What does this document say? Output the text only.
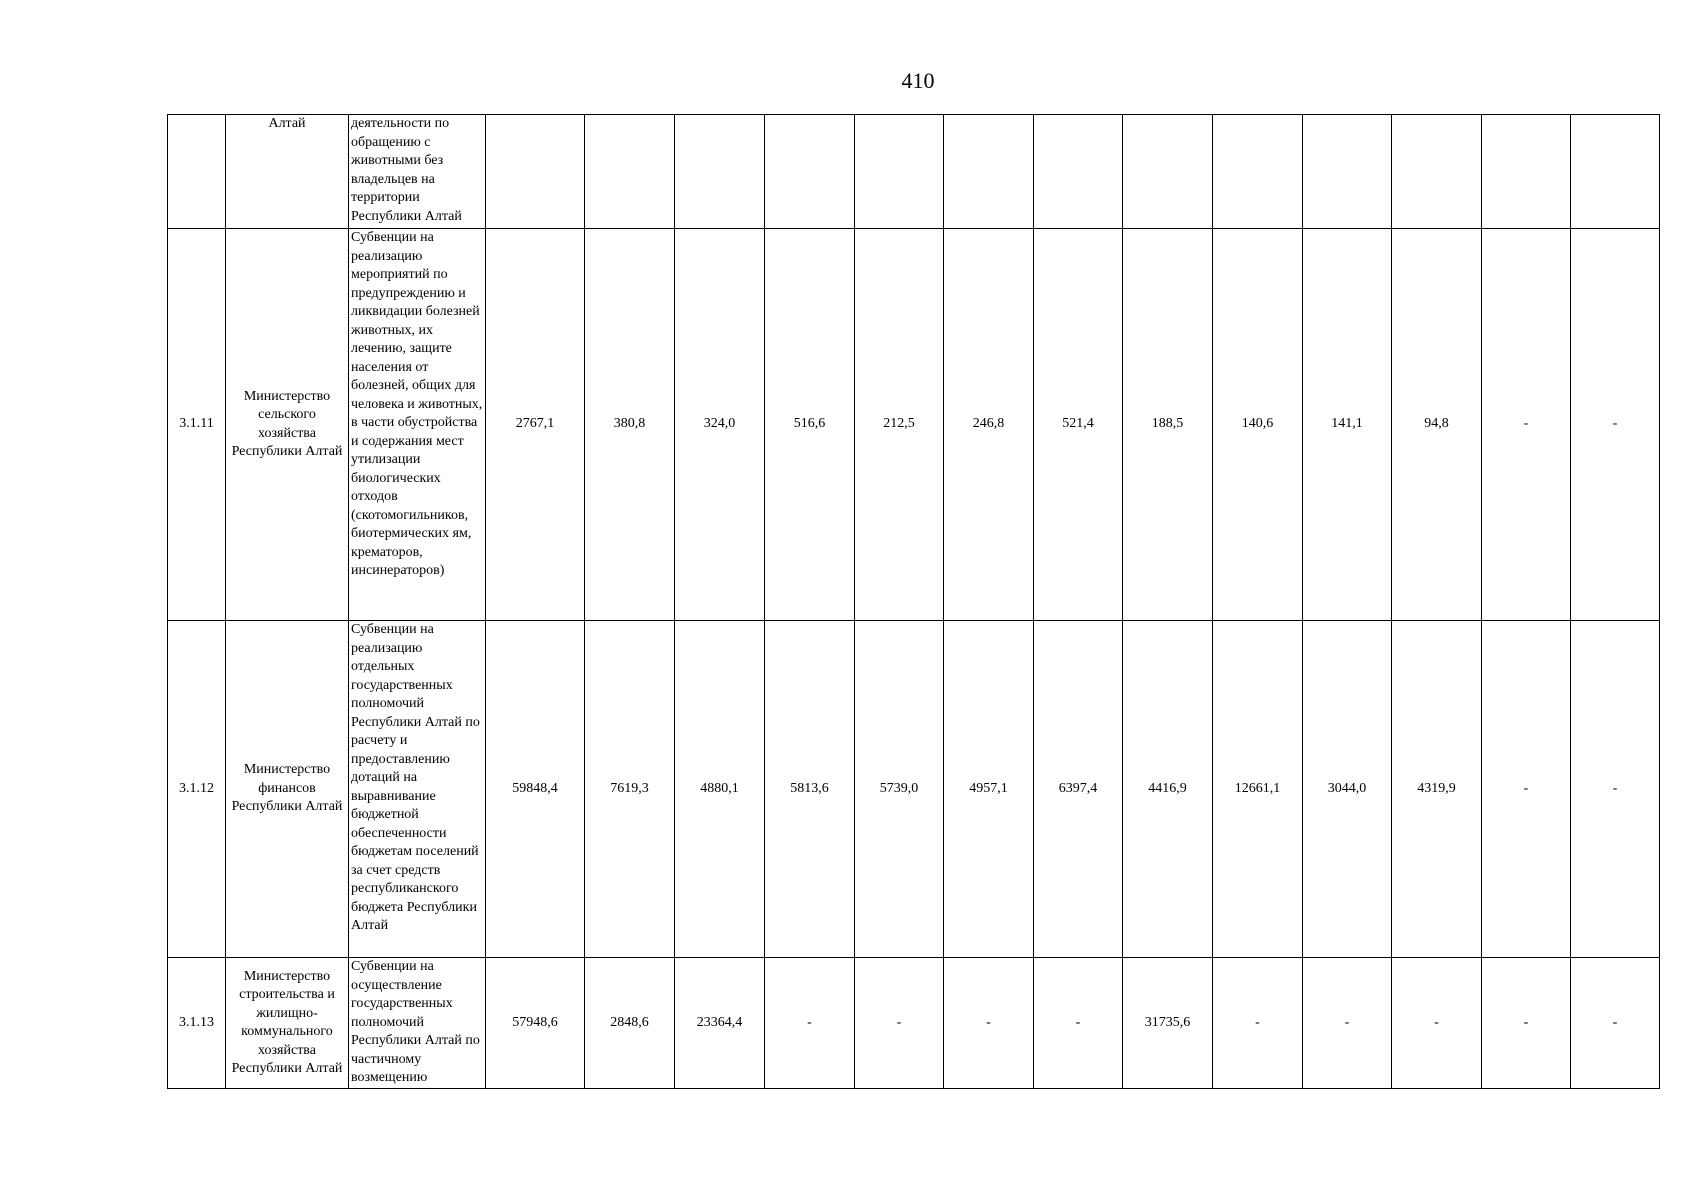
410
	Алтай	деятельности по обращению с животными без владельцев на территории Республики Алтай													
3.1.11	Министерство сельского хозяйства Республики Алтай	Субвенции на реализацию мероприятий по предупреждению и ликвидации болезней животных, их лечению, защите населения от болезней, общих для человека и животных, в части обустройства и содержания мест утилизации биологических отходов (скотомогильников, биотермических ям, крематоров, инсинераторов)	2767,1	380,8	324,0	516,6	212,5	246,8	521,4	188,5	140,6	141,1	94,8	-	-
3.1.12	Министерство финансов Республики Алтай	Субвенции на реализацию отдельных государственных полномочий Республики Алтай по расчету и предоставлению дотаций на выравнивание бюджетной обеспеченности бюджетам поселений за счет средств республиканского бюджета Республики Алтай	59848,4	7619,3	4880,1	5813,6	5739,0	4957,1	6397,4	4416,9	12661,1	3044,0	4319,9	-	-
3.1.13	Министерство строительства и жилищно-коммунального хозяйства Республики Алтай	Субвенции на осуществление государственных полномочий Республики Алтай по частичному возмещению	57948,6	2848,6	23364,4	-	-	-	-	31735,6	-	-	-	-	-
